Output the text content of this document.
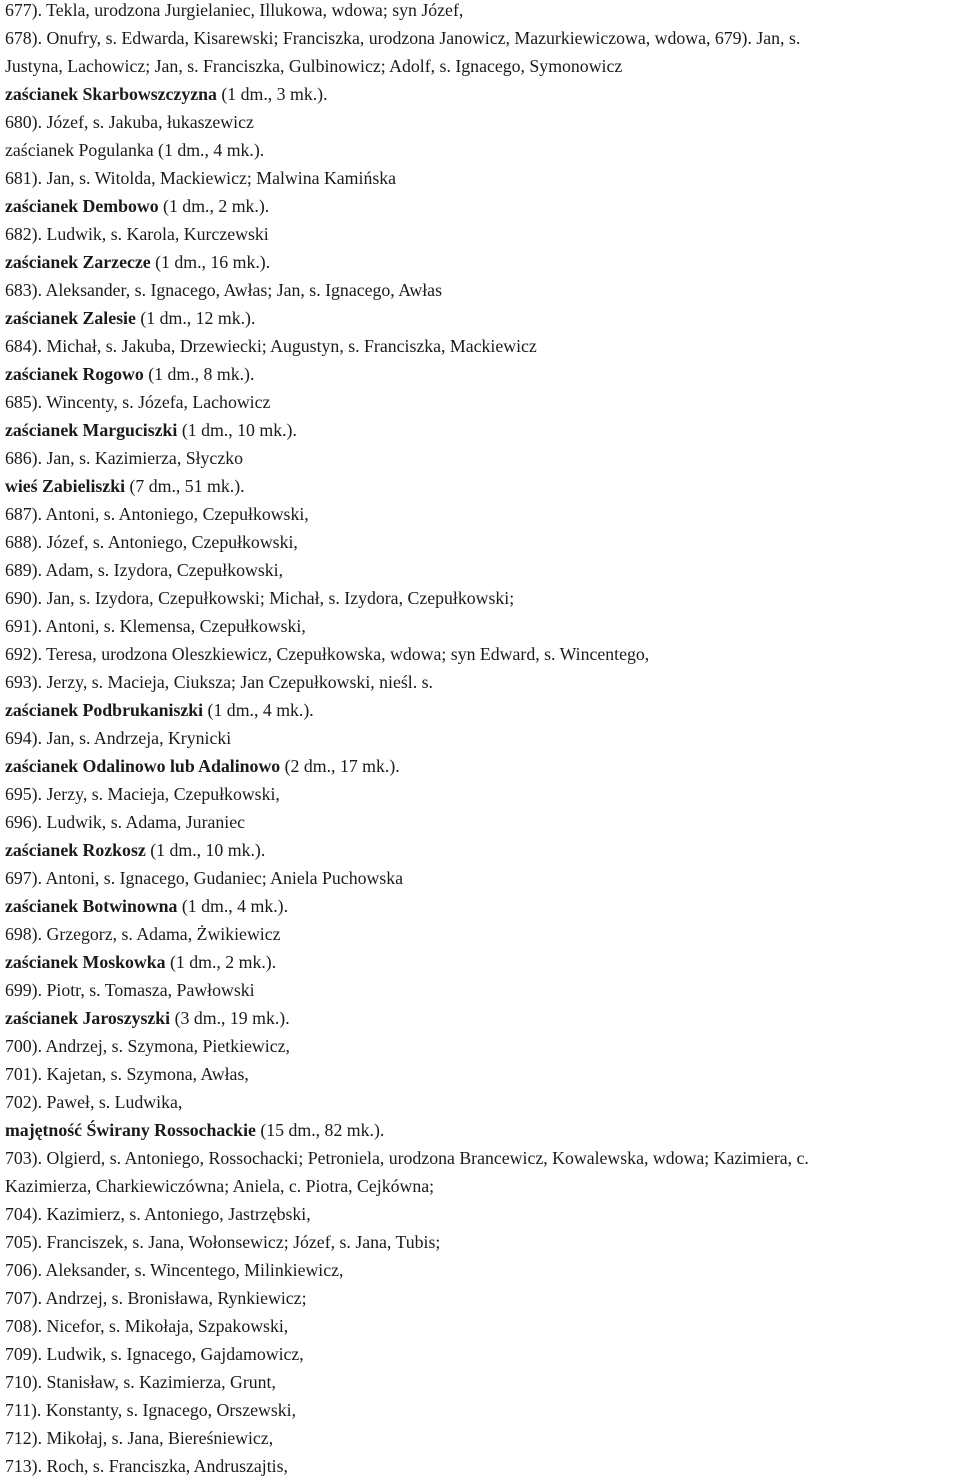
677). Tekla, urodzona Jurgielaniec, Illukowa, wdowa; syn Józef,
678). Onufry, s. Edwarda, Kisarewski; Franciszka, urodzona Janowicz, Mazurkiewiczowa, wdowa, 679). Jan, s.
Justyna, Lachowicz; Jan, s. Franciszka, Gulbinowicz; Adolf, s. Ignacego, Symonowicz
zaścianek Skarbowszczyzna (1 dm., 3 mk.).
680). Józef, s. Jakuba, łukaszewicz
zaścianek Pogulanka (1 dm., 4 mk.).
681). Jan, s. Witolda, Mackiewicz; Malwina Kamińska
zaścianek Dembowo (1 dm., 2 mk.).
682). Ludwik, s. Karola, Kurczewski
zaścianek Zarzecze (1 dm., 16 mk.).
683). Aleksander, s. Ignacego, Awłas; Jan, s. Ignacego, Awłas
zaścianek Zalesie (1 dm., 12 mk.).
684). Michał, s. Jakuba, Drzewiecki; Augustyn, s. Franciszka, Mackiewicz
zaścianek Rogowo (1 dm., 8 mk.).
685). Wincenty, s. Józefa, Lachowicz
zaścianek Marguciszki (1 dm., 10 mk.).
686). Jan, s. Kazimierza, Słyczko
wieś Zabieliszki (7 dm., 51 mk.).
687). Antoni, s. Antoniego, Czepułkowski,
688). Józef, s. Antoniego, Czepułkowski,
689). Adam, s. Izydora, Czepułkowski,
690). Jan, s. Izydora, Czepułkowski; Michał, s. Izydora, Czepułkowski;
691). Antoni, s. Klemensa, Czepułkowski,
692). Teresa, urodzona Oleszkiewicz, Czepułkowska, wdowa; syn Edward, s. Wincentego,
693). Jerzy, s. Macieja, Ciuksza; Jan Czepułkowski, nieśl. s.
zaścianek Podbrukaniszki (1 dm., 4 mk.).
694). Jan, s. Andrzeja, Krynicki
zaścianek Odalinowo lub Adalinowo (2 dm., 17 mk.).
695). Jerzy, s. Macieja, Czepułkowski,
696). Ludwik, s. Adama, Juraniec
zaścianek Rozkosz (1 dm., 10 mk.).
697). Antoni, s. Ignacego, Gudaniec; Aniela Puchowska
zaścianek Botwinowna (1 dm., 4 mk.).
698). Grzegorz, s. Adama, Żwikiewicz
zaścianek Moskowka (1 dm., 2 mk.).
699). Piotr, s. Tomasza, Pawłowski
zaścianek Jaroszyszki (3 dm., 19 mk.).
700). Andrzej, s. Szymona, Pietkiewicz,
701). Kajetan, s. Szymona, Awłas,
702). Paweł, s. Ludwika,
majętność Świrany Rossochackie (15 dm., 82 mk.).
703). Olgierd, s. Antoniego, Rossochacki; Petroniela, urodzona Brancewicz, Kowalewska, wdowa; Kazimiera, c.
Kazimierza, Charkiewiczówna; Aniela, c. Piotra, Cejkówna;
704). Kazimierz, s. Antoniego, Jastrzębski,
705). Franciszek, s. Jana, Wołonsewicz; Józef, s. Jana, Tubis;
706). Aleksander, s. Wincentego, Milinkiewicz,
707). Andrzej, s. Bronisława, Rynkiewicz;
708). Nicefor, s. Mikołaja, Szpakowski,
709). Ludwik, s. Ignacego, Gajdamowicz,
710). Stanisław, s. Kazimierza, Grunt,
711). Konstanty, s. Ignacego, Orszewski,
712). Mikołaj, s. Jana, Biereśniewicz,
713). Roch, s. Franciszka, Andruszajtis,
